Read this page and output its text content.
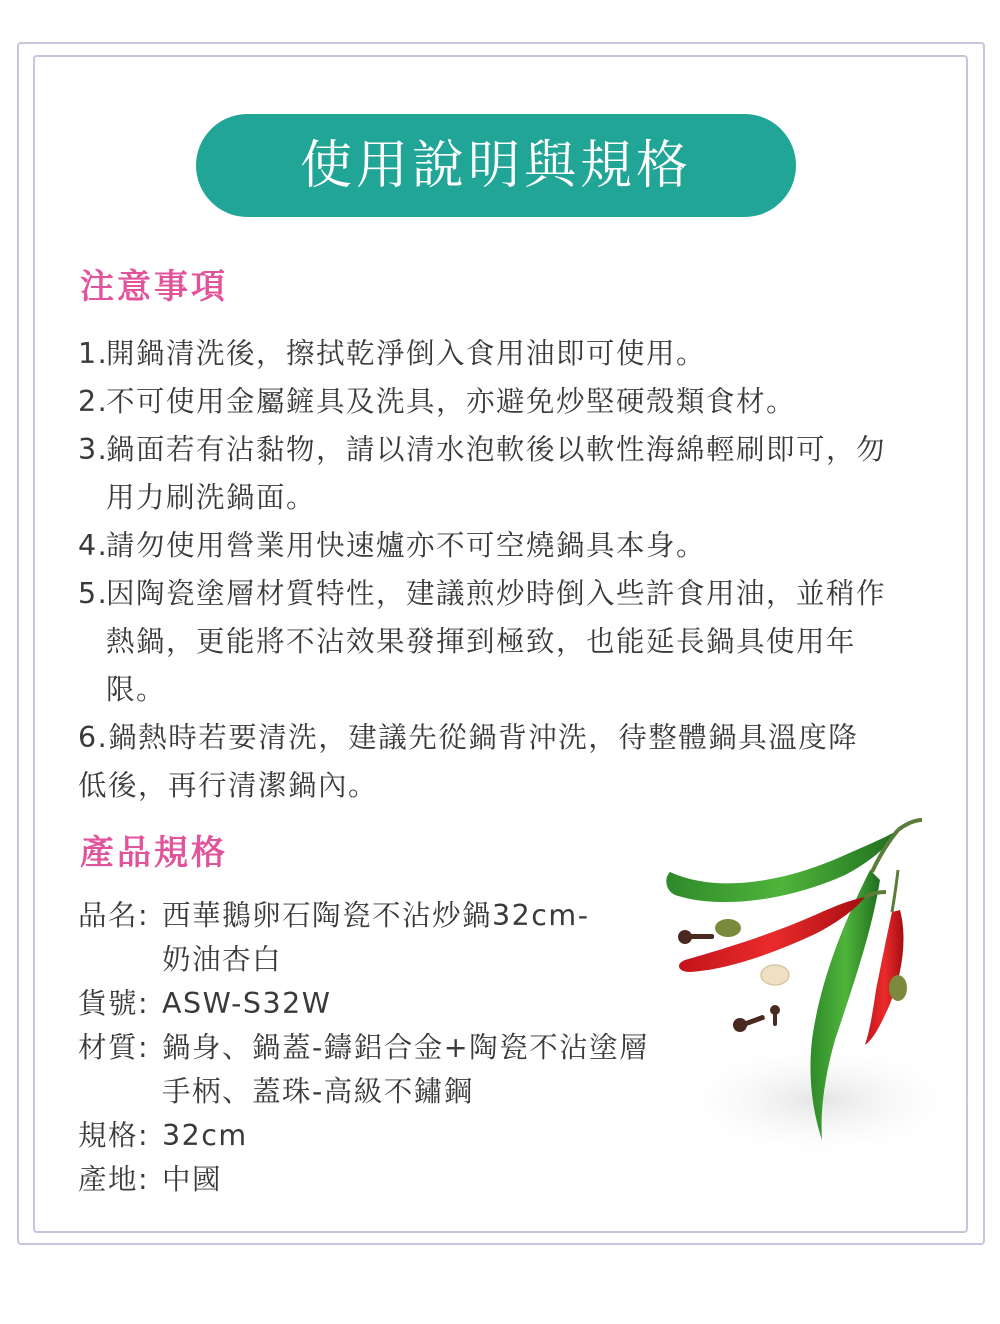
使用說明與規格
注意事項
1.
開鍋清洗後，擦拭乾淨倒入食用油即可使用。
2.
不可使用金屬鏟具及洗具，亦避免炒堅硬殼類食材。
3.
鍋面若有沾黏物，請以清水泡軟後以軟性海綿輕刷即可，勿用力刷洗鍋面。
4.
請勿使用營業用快速爐亦不可空燒鍋具本身。
5.
因陶瓷塗層材質特性，建議煎炒時倒入些許食用油，並稍作熱鍋，更能將不沾效果發揮到極致，也能延長鍋具使用年限。
6.鍋熱時若要清洗，建議先從鍋背沖洗，待整體鍋具溫度降
低後，再行清潔鍋內。
產品規格
品名: 西華鵝卵石陶瓷不沾炒鍋32cm-
奶油杏白
貨號: ASW-S32W
材質: 鍋身、鍋蓋-鑄鋁合金+陶瓷不沾塗層
手柄、蓋珠-高級不鏽鋼
規格: 32cm
產地: 中國
